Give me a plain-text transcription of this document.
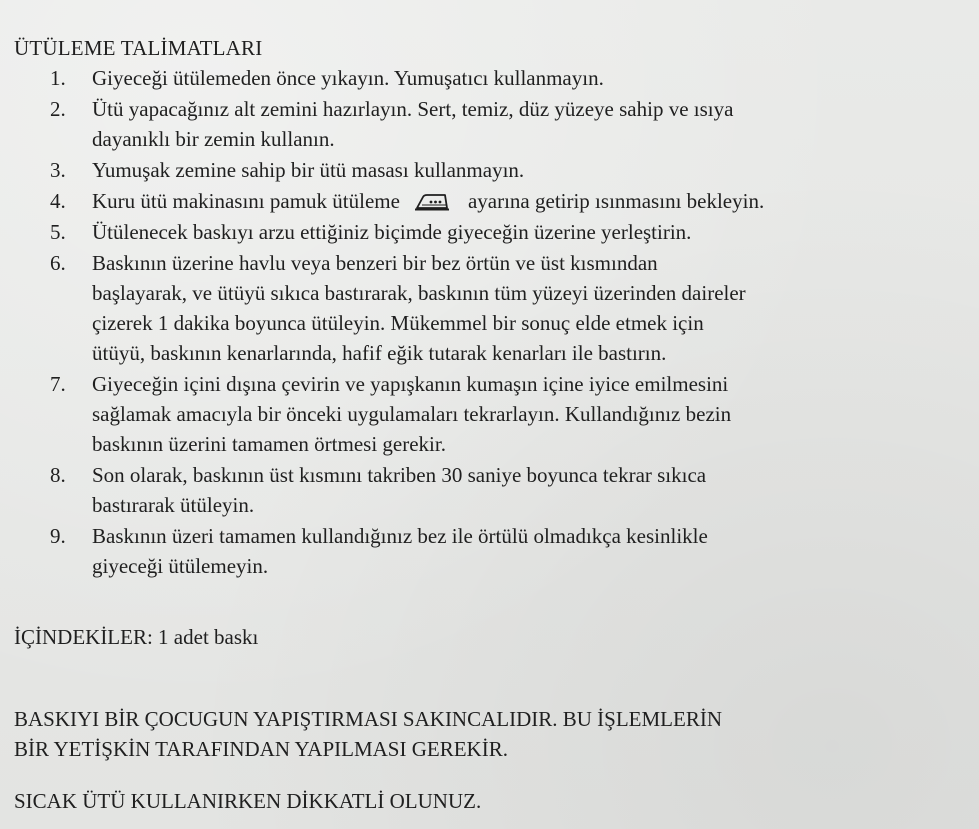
ÜTÜLEME TALİMATLARI
1. Giyeceği ütülemeden önce yıkayın. Yumuşatıcı kullanmayın.
2. Ütü yapacağınız alt zemini hazırlayın. Sert, temiz, düz yüzeye sahip ve ısıya
dayanıklı bir zemin kullanın.
3. Yumuşak zemine sahip bir ütü masası kullanmayın.
4. Kuru ütü makinasını pamuk ütüleme	ayarına getirip ısınmasını bekleyin.
5. Ütülenecek baskıyı arzu ettiğiniz biçimde giyeceğin üzerine yerleştirin.
6. Baskının üzerine havlu veya benzeri bir bez örtün ve üst kısmından
başlayarak, ve ütüyü sıkıca bastırarak, baskının tüm yüzeyi üzerinden daireler
çizerek 1 dakika boyunca ütüleyin. Mükemmel bir sonuç elde etmek için
ütüyü, baskının kenarlarında, hafif eğik tutarak kenarları ile bastırın.
7. Giyeceğin içini dışına çevirin ve yapışkanın kumaşın içine iyice emilmesini
sağlamak amacıyla bir önceki uygulamaları tekrarlayın. Kullandığınız bezin
baskının üzerini tamamen örtmesi gerekir.
8. Son olarak, baskının üst kısmını takriben 30 saniye boyunca tekrar sıkıca
bastırarak ütüleyin.
9. Baskının üzeri tamamen kullandığınız bez ile örtülü olmadıkça kesinlikle
giyeceği ütülemeyin.

İÇİNDEKİLER: 1 adet baskı

BASKIYI BİR ÇOCUGUN YAPIŞTIRMASI SAKINCALIDIR. BU İŞLEMLERİN
BİR YETİŞKİN TARAFINDAN YAPILMASI GEREKİR.

SICAK ÜTÜ KULLANIRKEN DİKKATLİ OLUNUZ.
